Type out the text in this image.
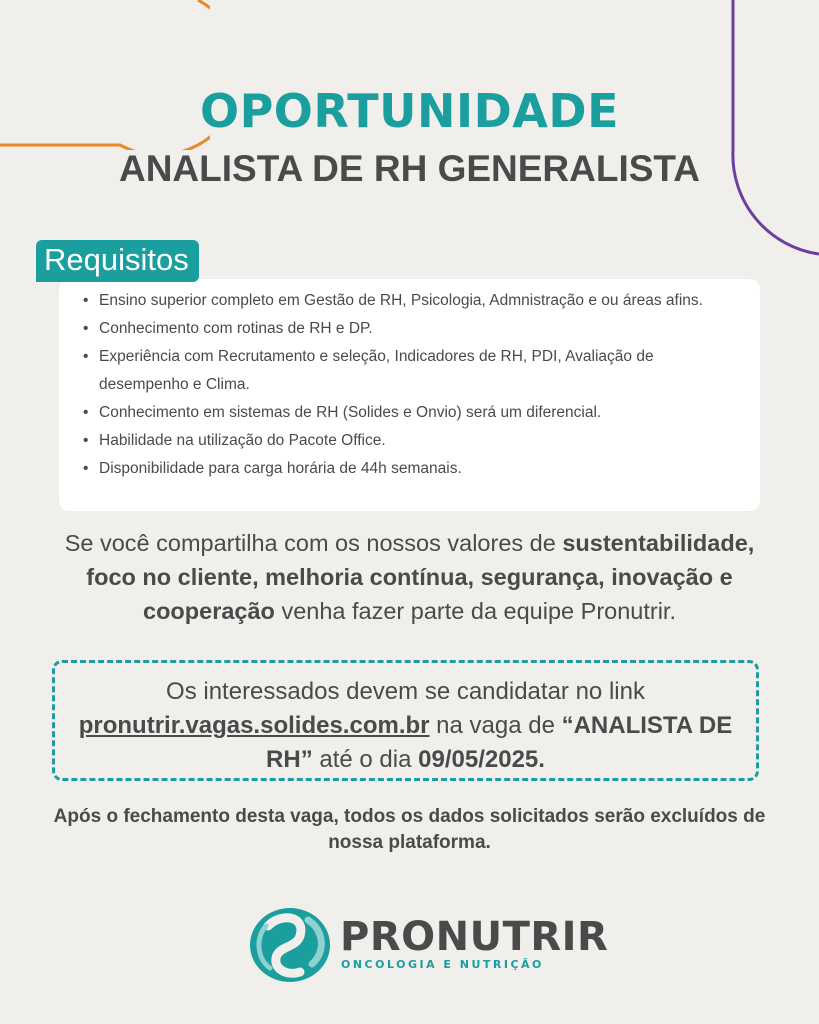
OPORTUNIDADE
ANALISTA DE RH GENERALISTA
Requisitos
• Ensino superior completo em Gestão de RH, Psicologia, Admnistração e ou áreas afins.
• Conhecimento com rotinas de RH e DP.
• Experiência com Recrutamento e seleção, Indicadores de RH, PDI, Avaliação de desempenho e Clima.
• Conhecimento em sistemas de RH (Solides e Onvio) será um diferencial.
• Habilidade na utilização do Pacote Office.
• Disponibilidade para carga horária de 44h semanais.
Se você compartilha com os nossos valores de sustentabilidade, foco no cliente, melhoria contínua, segurança, inovação e cooperação venha fazer parte da equipe Pronutrir.
Os interessados devem se candidatar no link
pronutrir.vagas.solides.com.br na vaga de “ANALISTA DE RH” até o dia 09/05/2025.
Após o fechamento desta vaga, todos os dados solicitados serão excluídos de nossa plataforma.
PRONUTRIR
ONCOLOGIA E NUTRIÇÃO
